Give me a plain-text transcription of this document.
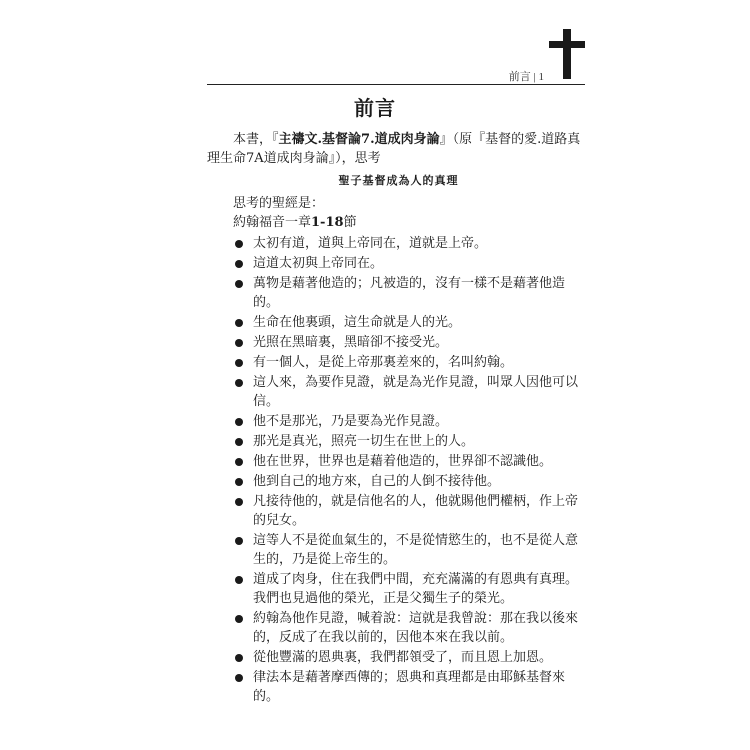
前言 | 1
前言

本書，『主禱文.基督論7.道成肉身論』（原『基督的愛.道路真理生命7A道成肉身論』），思考

聖子基督成為人的真理
思考的聖經是：
約翰福音一章1-18節
太初有道，道與上帝同在，道就是上帝。
這道太初與上帝同在。
萬物是藉著他造的；凡被造的，沒有一樣不是藉著他造的。
生命在他裏頭，這生命就是人的光。
光照在黑暗裏，黑暗卻不接受光。
有一個人，是從上帝那裏差來的，名叫約翰。
這人來，為要作見證，就是為光作見證，叫眾人因他可以信。
他不是那光，乃是要為光作見證。
那光是真光，照亮一切生在世上的人。
他在世界，世界也是藉着他造的，世界卻不認識他。
他到自己的地方來，自己的人倒不接待他。
凡接待他的，就是信他名的人，他就賜他們權柄，作上帝的兒女。
這等人不是從血氣生的，不是從情慾生的，也不是從人意生的，乃是從上帝生的。
道成了肉身，住在我們中間，充充滿滿的有恩典有真理。我們也見過他的榮光，正是父獨生子的榮光。
約翰為他作見證，喊着說：這就是我曾說：那在我以後來的，反成了在我以前的，因他本來在我以前。
從他豐滿的恩典裏，我們都領受了，而且恩上加恩。
律法本是藉著摩西傳的；恩典和真理都是由耶穌基督來的。
